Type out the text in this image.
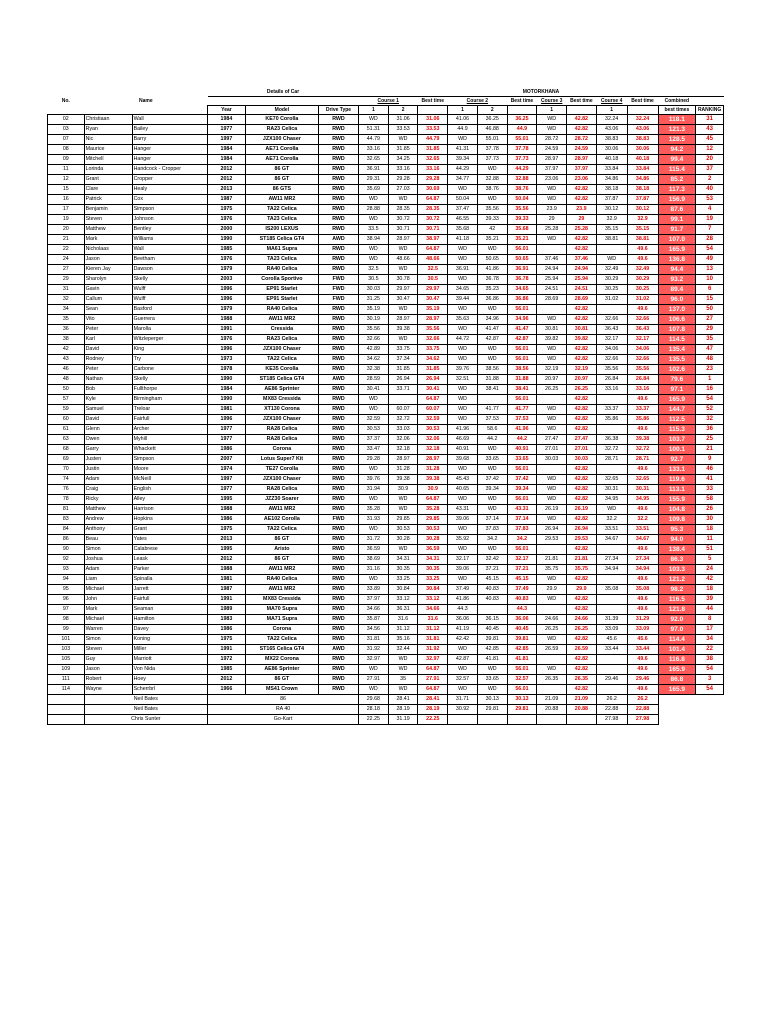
			Details of Car			MOTORKHANA											
No.	Name					Course 1		Best time	Course 2		Best time	Course 3	Best time	Course 4	Best time	Combined	
			Year	Model	Drive Type	1	2		1	2		1		1		best times	RANKING
02	Christiaan	Wall	1984	KE70 Corolla	RWD	WD	31.06	31.06	41.06	36.25	36.25	WD	42.82	32.24	32.24	118.1	31
03	Ryan	Bailey	1977	RA23 Celica	RWD	51.31	33.53	33.53	44.9	46.88	44.9	WD	42.82	43.06	43.06	121.3	43
07	Nic	Barry	1997	JZX100 Chaser	RWD	44.79	WD	44.79	WD	55.01	55.01	28.72	28.72	38.83	38.83	128.5	45
08	Maurice	Hanger	1984	AE71 Corolla	RWD	33.16	31.85	31.85	41.31	37.78	37.78	24.59	24.59	30.06	30.06	94.2	12
09	Mitchell	Hanger	1984	AE71 Corolla	RWD	32.65	34.25	32.65	39.34	37.73	37.73	28.97	28.97	40.18	40.18	99.4	20
11	Lorinda	Handcock - Cropper	2012	86 GT	RWD	36.91	33.16	33.16	44.29	WD	44.29	37.97	37.97	33.84	33.84	115.4	37
12	Grant	Cropper	2012	86 GT	RWD	29.31	29.28	29.28	34.77	32.88	32.88	23.06	23.06	34.86	34.86	85.2	2
15	Clare	Healy	2013	86 GTS	RWD	35.69	27.03	30.69	WD	38.76	38.76	WD	42.82	38.18	38.18	117.3	40
16	Patrick	Cox	1987	AW11 MR2	RWD	WD	WD	64.87	50.04	WD	50.04	WD	42.82	37.87	37.87	156.9	53
17	Benjamin	Simpson	1975	TA22 Celica	RWD	28.88	28.35	28.35	37.47	35.56	35.56	23.9	23.9	30.12	30.12	87.6	4
19	Steven	Johnson	1976	TA23 Celica	RWD	WD	30.72	30.72	46.55	39.33	39.33	29	29	32.9	32.9	99.1	19
20	Matthew	Bentley	2000	IS200 LEXUS	RWD	33.5	30.71	30.71	35.68	42	35.68	25.28	25.28	35.15	35.15	91.7	7
21	Mark	Williams	1990	ST185 Celica GT4	AWD	38.94	28.97	38.97	41.18	35.21	35.21	WD	42.82	38.81	38.81	107.0	28
22	Nicholaas	Wall	1985	MA61 Supra	RWD	WD	WD	64.87	WD	WD	56.01		42.82		49.6	165.9	54
24	Jason	Beetham	1976	TA23 Celica	RWD	WD	48.66	48.66	WD	50.65	50.65	37.46	37.46	WD	49.6	136.8	49
27	Kieren Jay	Dawson	1979	RA40 Celica	RWD	32.5	WD	32.5	36.91	41.86	36.91	24.94	24.94	32.49	32.49	94.4	13
29	Sharolyn	Skelly	2003	Corolla Sportivo	FWD	30.5	30.78	30.5	WD	36.78	36.78	25.94	25.94	30.29	30.29	93.2	10
31	Gavin	Wulff	1996	EP91 Starlet	FWD	30.03	29.97	29.97	34.65	35.23	34.65	24.51	24.51	30.25	30.25	89.4	6
32	Callum	Wulff	1996	EP91 Starlet	FWD	31.25	30.47	30.47	39.44	36.86	36.86	28.69	28.69	31.02	31.02	96.0	15
34	Sean	Basford	1979	RA40 Celica	RWD	35.19	WD	35.19	WD	WD	56.01		42.82		49.6	137.0	50
35	Vito	Guerrera	1988	AW11 MR2	RWD	30.19	28.97	28.97	35.63	34.96	34.96	WD	42.82	32.66	32.66	106.6	27
36	Peter	Marolla	1991	Cressida	RWD	35.56	39.38	35.56	WD	41.47	41.47	30.81	30.81	36.43	36.43	107.8	29
38	Karl	Witzleperger	1976	RA23 Celica	RWD	32.66	WD	32.66	44.72	42.87	42.87	39.82	39.82	32.17	32.17	114.5	35
42	David	King	1996	JZX100 Chaser	RWD	42.89	33.75	33.75	WD	WD	56.01	WD	42.82	34.06	34.06	135.4	47
43	Rodney	Try	1973	TA22 Celica	RWD	34.62	37.34	34.62	WD	WD	56.01	WD	42.82	32.66	32.66	135.5	48
46	Peter	Carbone	1978	KE35 Corolla	RWD	32.38	31.85	31.85	39.76	38.56	38.56	32.19	32.19	35.56	35.56	102.6	23
48	Nathan	Skelly	1990	ST185 Celica GT4	AWD	28.59	26.94	26.94	32.51	31.88	31.88	20.97	20.97	26.84	26.84	79.6	1
50	Bob	Fullthorpe	1984	AE86 Sprinter	RWD	30.41	33.71	30.41	WD	38.41	38.41	26.25	26.25	33.16	33.16	97.1	16
57	Kyle	Birmingham	1990	MX83 Cressida	RWD	WD		64.87	WD		56.01		42.82		49.6	165.9	54
59	Samuel	Treloar	1981	XT130 Corona	RWD	WD	60.07	60.07	WD	41.77	41.77	WD	42.82	33.37	33.37	144.7	52
60	David	Fairfull	1996	JZX100 Chaser	RWD	32.59	32.72	32.59	WD	37.53	37.53	WD	42.82	35.86	35.86	112.5	32
61	Glenn	Archer	1977	RA28 Celica	RWD	30.53	33.03	30.53	41.96	58.6	41.96	WD	42.82		49.6	115.3	36
63	Owen	Myhill	1977	RA28 Celica	RWD	37.37	32.06	32.06	46.69	44.2	44.2	27.47	27.47	36.38	39.38	103.7	25
68	Garry	Whackett	1986	Corona	RWD	33.47	32.18	32.18	40.91	WD	40.91	27.01	27.01	32.72	32.72	100.1	21
69	Justen	Simpson	2007	Lotus Super7 Kit	RWD	29.28	28.97	28.97	39.68	33.65	33.65	30.03	30.03	28.71	28.71	92.7	9
70	Justin	Moore	1974	TE27 Corolla	RWD	WD	31.28	31.28	WD	WD	56.01		42.82		49.6	133.1	46
74	Adam	McNeill	1997	JZX100 Chaser	RWD	39.76	39.38	39.38	45.43	37.42	37.42	WD	42.82	32.65	32.65	119.6	41
76	Craig	English	1977	RA28 Celica	RWD	31.94	30.9	30.9	40.65	39.34	39.34	WD	42.82	30.31	30.31	113.1	33
78	Ricky	Alley	1995	JZZ30 Soarer	RWD	WD	WD	64.87	WD	WD	56.01	WD	42.82	34.95	34.95	155.9	58
81	Matthew	Harrison	1988	AW11 MR2	RWD	35.28	WD	35.28	43.31	WD	43.31	26.19	26.19	WD	49.6	104.8	26
83	Andrew	Hopkins	1986	AE102 Corolla	FWD	31.93	29.85	29.85	39.06	37.14	37.14	WD	42.82	32.2	32.2	109.8	30
84	Anthony	Grant	1975	TA22 Celica	RWD	WD	30.53	30.53	WD	37.83	37.83	26.94	26.94	33.51	33.51	95.3	18
86	Beau	Yates	2013	86 GT	RWD	31.72	30.28	30.28	35.92	34.2	34.2	29.53	29.53	34.67	34.67	94.0	11
90	Simon	Calabrese	1995	Aristo	RWD	36.59	WD	36.59	WD	WD	56.01		42.82		49.6	138.4	51
92	Joshua	Leask	2012	86 GT	RWD	38.69	34.31	34.31	32.17	32.42	32.17	21.81	21.81	27.34	27.34	86.3	5
93	Adam	Parker	1988	AW11 MR2	RWD	31.16	30.35	30.35	39.06	37.21	37.21	35.75	35.75	34.94	34.94	103.3	24
94	Liam	Spinalla	1981	RA40 Celica	RWD	WD	33.25	33.25	WD	45.15	45.15	WD	42.82		49.6	121.2	42
95	Michael	Jarrett	1987	AW11 MR2	RWD	33.89	30.84	30.84	37.49	40.83	37.49	29.9	29.9	35.08	35.08	98.2	18
96	John	Fairfull	1991	MX83 Cressida	RWD	37.97	33.12	33.12	41.86	40.83	40.83	WD	42.82		49.6	116.5	39
97	Mark	Seaman	1989	MA70 Supra	RWD	34.66	36.31	34.66	44.3		44.3		42.82		49.6	121.8	44
98	Michael	Hamilton	1983	MA71 Supra	RWD	35.87	31.6	31.6	36.06	36.15	36.06	24.66	24.66	31.39	31.29	92.0	8
99	Warren	Davey	1986	Corona	RWD	34.56	31.12	31.12	41.19	40.45	40.45	26.25	26.25	33.09	33.09	97.0	17
101	Simon	Koning	1975	TA22 Celica	RWD	31.81	35.16	31.81	42.42	39.81	39.81	WD	42.82	45.6	45.6	114.4	34
103	Steven	Miller	1991	ST165 Celica GT4	AWD	31.92	32.44	31.92	WD	42.85	42.85	26.59	26.59	33.44	33.44	101.4	22
105	Guy	Marriott	1972	MX22 Corona	RWD	32.97	WD	32.97	42.87	41.81	41.81		42.82		49.6	116.8	38
109	Jason	Von Nida	1985	AE86 Sprinter	RWD	WD	WD	64.87	WD	WD	56.01	WD	42.82		49.6	165.9	54
111	Robert	Hoey	2012	86 GT	RWD	27.91	35	27.91	32.57	33.65	32.57	26.35	26.35	29.46	29.46	86.8	3
114	Wayne	Scherrbrl	1966	MS41 Crown	RWD	WD	WD	64.87	WD	WD	56.01		42.82		49.6	165.9	54
	Neil Bates		86			29.68	28.41	28.41	31.71	30.13	30.13	21.09	21.09	26.2	26.2		
	Neil Bates		RA 40			28.18	28.19	28.19	30.92	29.81	29.81	20.88	20.88	22.88	22.88		
	Chris Sunter		Go-Kart			22.25	31.19	22.25						27.98	27.98		
